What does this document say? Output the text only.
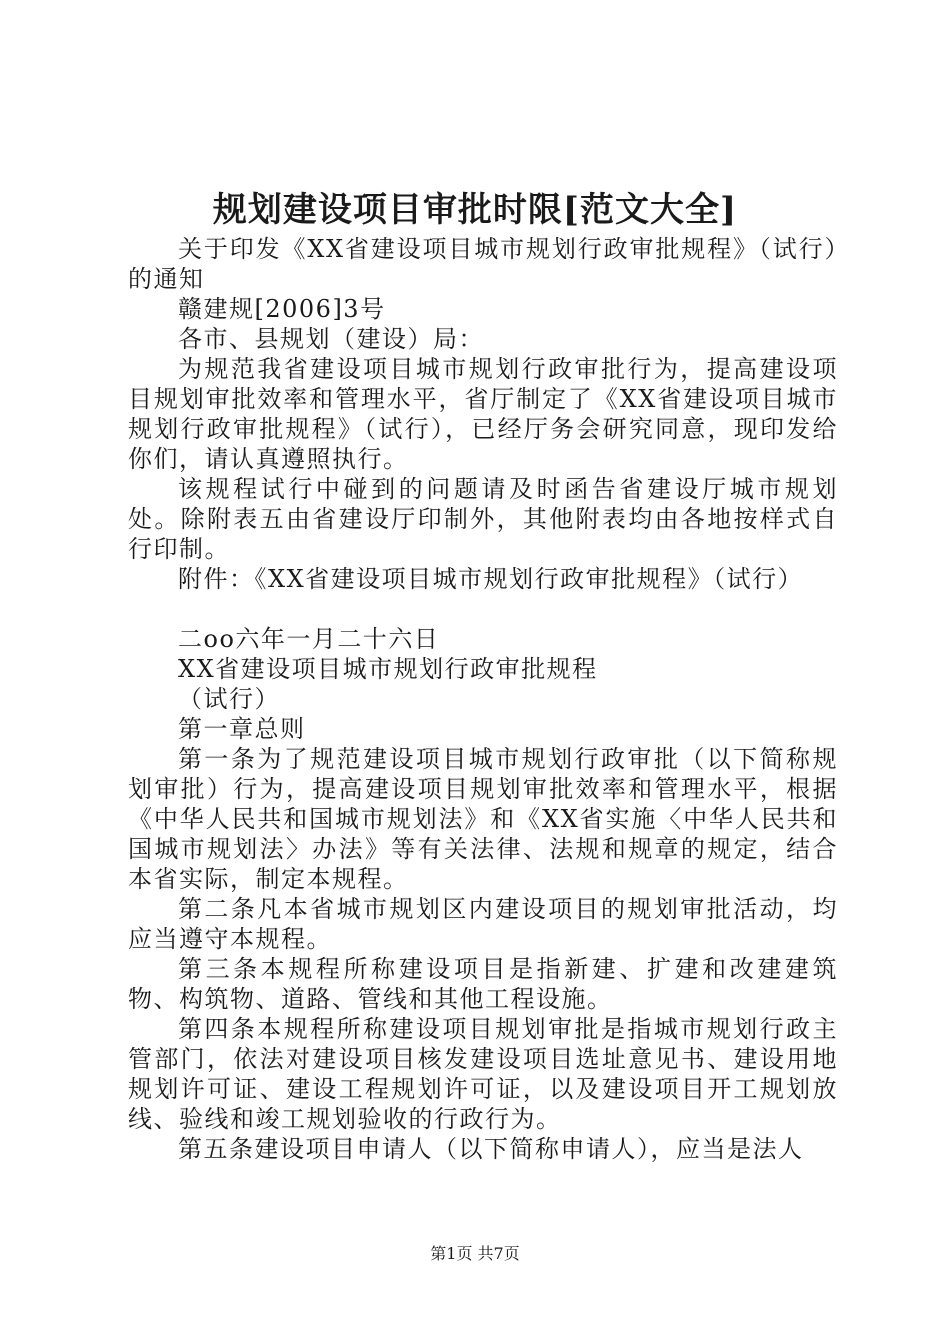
规划建设项目审批时限[范文大全]

关于印发《XX省建设项目城市规划行政审批规程》（试行）的通知

赣建规[2006]3号

各市、县规划（建设）局：

为规范我省建设项目城市规划行政审批行为，提高建设项目规划审批效率和管理水平，省厅制定了《XX省建设项目城市规划行政审批规程》（试行），已经厅务会研究同意，现印发给你们，请认真遵照执行。

该规程试行中碰到的问题请及时函告省建设厅城市规划处。除附表五由省建设厅印制外，其他附表均由各地按样式自行印制。

附件：《XX省建设项目城市规划行政审批规程》（试行）

二oo六年一月二十六日

XX省建设项目城市规划行政审批规程

（试行）

第一章总则

第一条为了规范建设项目城市规划行政审批（以下简称规划审批）行为，提高建设项目规划审批效率和管理水平，根据《中华人民共和国城市规划法》和《XX省实施〈中华人民共和国城市规划法〉办法》等有关法律、法规和规章的规定，结合本省实际，制定本规程。

第二条凡本省城市规划区内建设项目的规划审批活动，均应当遵守本规程。

第三条本规程所称建设项目是指新建、扩建和改建建筑物、构筑物、道路、管线和其他工程设施。

第四条本规程所称建设项目规划审批是指城市规划行政主管部门，依法对建设项目核发建设项目选址意见书、建设用地规划许可证、建设工程规划许可证，以及建设项目开工规划放线、验线和竣工规划验收的行政行为。

第五条建设项目申请人（以下简称申请人），应当是法人

第1页 共7页
